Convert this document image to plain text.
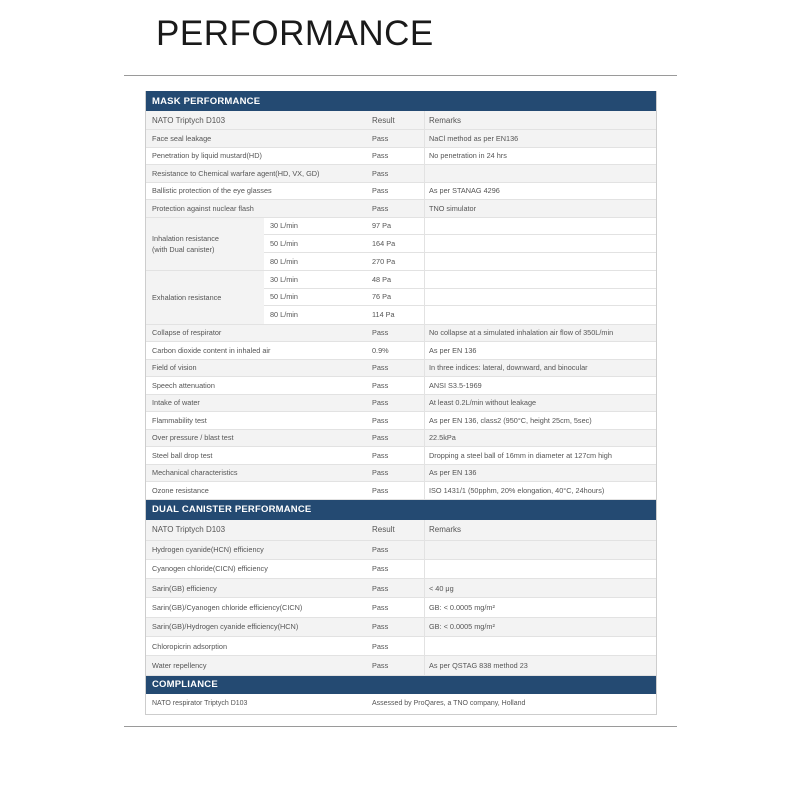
PERFORMANCE
MASK PERFORMANCE
NATO Triptych D103	Result	Remarks
Face seal leakage	Pass	NaCl method as per EN136
Penetration by liquid mustard(HD)	Pass	No penetration in 24 hrs
Resistance to Chemical warfare agent(HD, VX, GD)	Pass
Ballistic protection of the eye glasses	Pass	As per STANAG 4296
Protection against nuclear flash	Pass	TNO simulator
Inhalation resistance
(with Dual canister)
30 L/min	97 Pa
50 L/min	164 Pa
80 L/min	270 Pa
Exhalation resistance
30 L/min	48 Pa
50 L/min	76 Pa
80 L/min	114 Pa
Collapse of respirator	Pass	No collapse at a simulated inhalation air flow of 350L/min
Carbon dioxide content in inhaled air	0.9%	As per EN 136
Field of vision	Pass	In three indices: lateral, downward, and binocular
Speech attenuation	Pass	ANSI S3.5-1969
Intake of water	Pass	At least 0.2L/min without leakage
Flammability test	Pass	As per EN 136, class2 (950°C, height 25cm, 5sec)
Over pressure / blast test	Pass	22.5kPa
Steel ball drop test	Pass	Dropping a steel ball of 16mm in diameter at 127cm high
Mechanical characteristics	Pass	As per EN 136
Ozone resistance	Pass	ISO 1431/1 (50pphm, 20% elongation, 40°C, 24hours)
DUAL CANISTER PERFORMANCE
NATO Triptych D103	Result	Remarks
Hydrogen cyanide(HCN) efficiency	Pass
Cyanogen chloride(CICN) efficiency	Pass
Sarin(GB) efficiency	Pass	< 40 μg
Sarin(GB)/Cyanogen chloride efficiency(CICN)	Pass	GB: < 0.0005 mg/m²
Sarin(GB)/Hydrogen cyanide efficiency(HCN)	Pass	GB: < 0.0005 mg/m²
Chloropicrin adsorption	Pass
Water repellency	Pass	As per QSTAG 838 method 23
COMPLIANCE
NATO respirator Triptych D103	Assessed by ProQares, a TNO company, Holland
